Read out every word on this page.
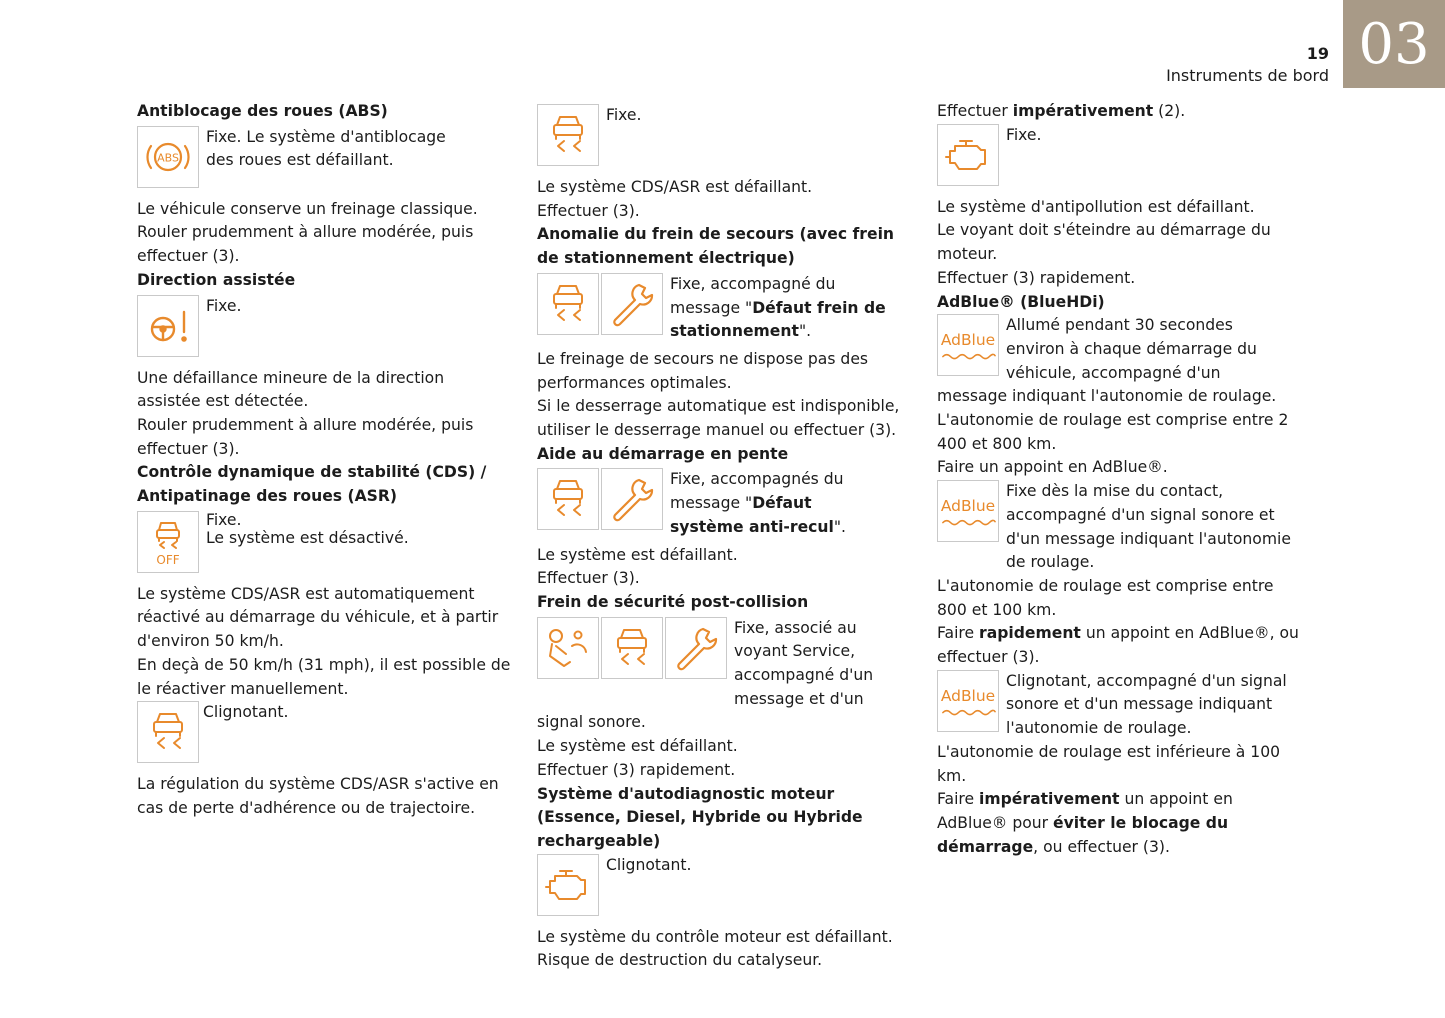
03
19
Instruments de bord

Antiblocage des roues (ABS)

ABS
Fixe. Le système d'antiblocage des roues est défaillant.

Le véhicule conserve un freinage classique.

Rouler prudemment à allure modérée, puis effectuer (3).

Direction assistée

Fixe.

Une défaillance mineure de la direction assistée est détectée.

Rouler prudemment à allure modérée, puis effectuer (3).

Contrôle dynamique de stabilité (CDS) / Antipatinage des roues (ASR)

OFF
Fixe.
Le système est désactivé.

Le système CDS/ASR est automatiquement réactivé au démarrage du véhicule, et à partir d'environ 50 km/h.

En deçà de 50 km/h (31 mph), il est possible de le réactiver manuellement.

Clignotant.

La régulation du système CDS/ASR s'active en cas de perte d'adhérence ou de trajectoire.

Fixe.

Le système CDS/ASR est défaillant.

Effectuer (3).

Anomalie du frein de secours (avec frein de stationnement électrique)

Fixe, accompagné du message "Défaut frein de stationnement".

Le freinage de secours ne dispose pas des performances optimales.

Si le desserrage automatique est indisponible, utiliser le desserrage manuel ou effectuer (3).

Aide au démarrage en pente

Fixe, accompagnés du message "Défaut système anti-recul".

Le système est défaillant.

Effectuer (3).

Frein de sécurité post-collision

Fixe, associé au voyant Service, accompagné d'un message et d'un

signal sonore.

Le système est défaillant.

Effectuer (3) rapidement.

Système d'autodiagnostic moteur (Essence, Diesel, Hybride ou Hybride rechargeable)

Clignotant.

Le système du contrôle moteur est défaillant.

Risque de destruction du catalyseur.

Effectuer impérativement (2).

Fixe.

Le système d'antipollution est défaillant.

Le voyant doit s'éteindre au démarrage du moteur.

Effectuer (3) rapidement.

AdBlue® (BlueHDi)

AdBlue
Allumé pendant 30 secondes environ à chaque démarrage du véhicule, accompagné d'un

message indiquant l'autonomie de roulage.

L'autonomie de roulage est comprise entre 2 400 et 800 km.

Faire un appoint en AdBlue®.

AdBlue
Fixe dès la mise du contact, accompagné d'un signal sonore et d'un message indiquant l'autonomie de roulage.

L'autonomie de roulage est comprise entre 800 et 100 km.

Faire rapidement un appoint en AdBlue®, ou effectuer (3).

AdBlue
Clignotant, accompagné d'un signal sonore et d'un message indiquant l'autonomie de roulage.

L'autonomie de roulage est inférieure à 100 km.

Faire impérativement un appoint en AdBlue® pour éviter le blocage du démarrage, ou effectuer (3).
